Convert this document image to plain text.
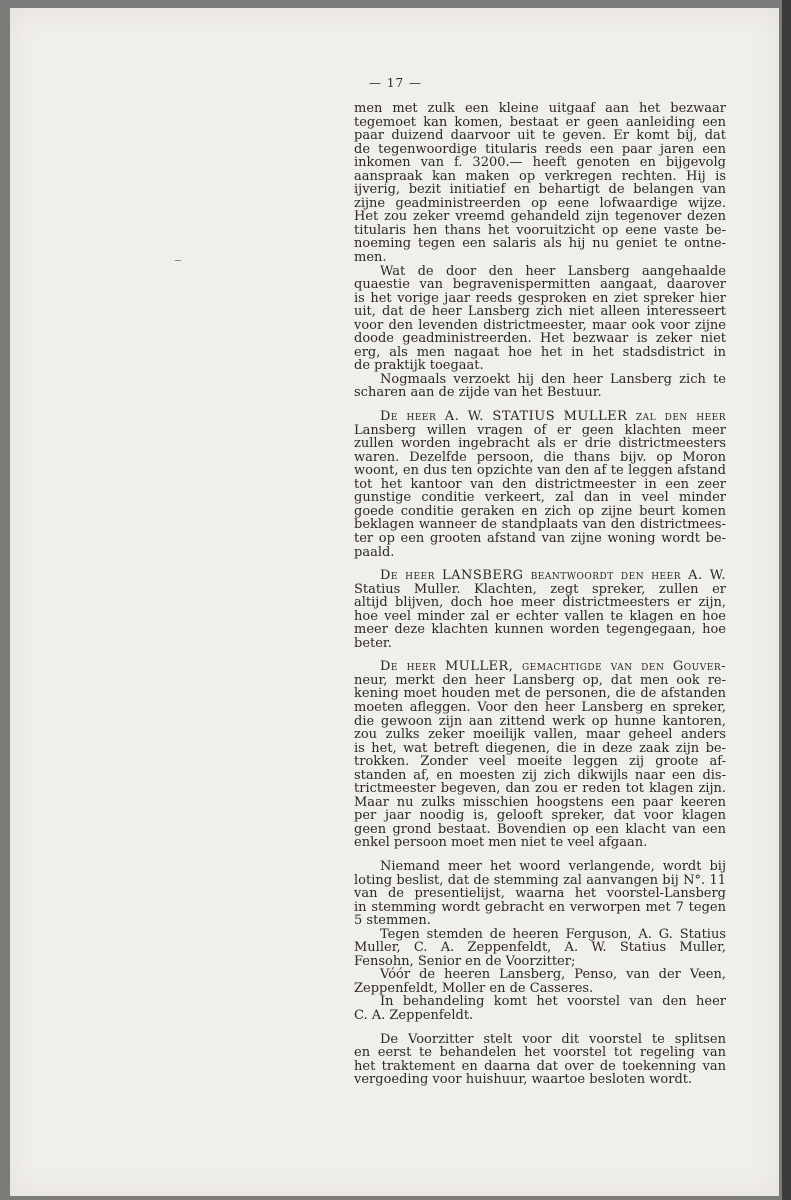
— 17 —

men met zulk een kleine uitgaaf aan het bezwaar
tegemoet kan komen, bestaat er geen aanleiding een
paar duizend daarvoor uit te geven. Er komt bij, dat
de tegenwoordige titularis reeds een paar jaren een
inkomen van f. 3200.— heeft genoten en bijgevolg
aanspraak kan maken op verkregen rechten. Hij is
ijverig, bezit initiatief en behartigt de belangen van
zijne geadministreerden op eene lofwaardige wijze.
Het zou zeker vreemd gehandeld zijn tegenover dezen
titularis hen thans het vooruitzicht op eene vaste be-
noeming tegen een salaris als hij nu geniet te ontne-
men.

Wat de door den heer Lansberg aangehaalde
quaestie van begravenispermitten aangaat, daarover
is het vorige jaar reeds gesproken en ziet spreker hier
uit, dat de heer Lansberg zich niet alleen interesseert
voor den levenden districtmeester, maar ook voor zijne
doode geadministreerden. Het bezwaar is zeker niet
erg, als men nagaat hoe het in het stadsdistrict in
de praktijk toegaat.

Nogmaals verzoekt hij den heer Lansberg zich te
scharen aan de zijde van het Bestuur.

De heer A. W. STATIUS MULLER zal den heer
Lansberg willen vragen of er geen klachten meer
zullen worden ingebracht als er drie districtmeesters
waren. Dezelfde persoon, die thans bijv. op Moron
woont, en dus ten opzichte van den af te leggen afstand
tot het kantoor van den districtmeester in een zeer
gunstige conditie verkeert, zal dan in veel minder
goede conditie geraken en zich op zijne beurt komen
beklagen wanneer de standplaats van den districtmees-
ter op een grooten afstand van zijne woning wordt be-
paald.

De heer LANSBERG beantwoordt den heer A. W.
Statius Muller. Klachten, zegt spreker, zullen er
altijd blijven, doch hoe meer districtmeesters er zijn,
hoe veel minder zal er echter vallen te klagen en hoe
meer deze klachten kunnen worden tegengegaan, hoe
beter.

De heer MULLER, gemachtigde van den Gouver-
neur, merkt den heer Lansberg op, dat men ook re-
kening moet houden met de personen, die de afstanden
moeten afleggen. Voor den heer Lansberg en spreker,
die gewoon zijn aan zittend werk op hunne kantoren,
zou zulks zeker moeilijk vallen, maar geheel anders
is het, wat betreft diegenen, die in deze zaak zijn be-
trokken. Zonder veel moeite leggen zij groote af-
standen af, en moesten zij zich dikwijls naar een dis-
trictmeester begeven, dan zou er reden tot klagen zijn.
Maar nu zulks misschien hoogstens een paar keeren
per jaar noodig is, gelooft spreker, dat voor klagen
geen grond bestaat. Bovendien op een klacht van een
enkel persoon moet men niet te veel afgaan.

Niemand meer het woord verlangende, wordt bij
loting beslist, dat de stemming zal aanvangen bij N°. 11
van de presentielijst, waarna het voorstel-Lansberg
in stemming wordt gebracht en verworpen met 7 tegen
5 stemmen.

Tegen stemden de heeren Ferguson, A. G. Statius
Muller, C. A. Zeppenfeldt, A. W. Statius Muller,
Fensohn, Senior en de Voorzitter;

Vóór de heeren Lansberg, Penso, van der Veen,
Zeppenfeldt, Moller en de Casseres.

In behandeling komt het voorstel van den heer
C. A. Zeppenfeldt.

De Voorzitter stelt voor dit voorstel te splitsen
en eerst te behandelen het voorstel tot regeling van
het traktement en daarna dat over de toekenning van
vergoeding voor huishuur, waartoe besloten wordt.
